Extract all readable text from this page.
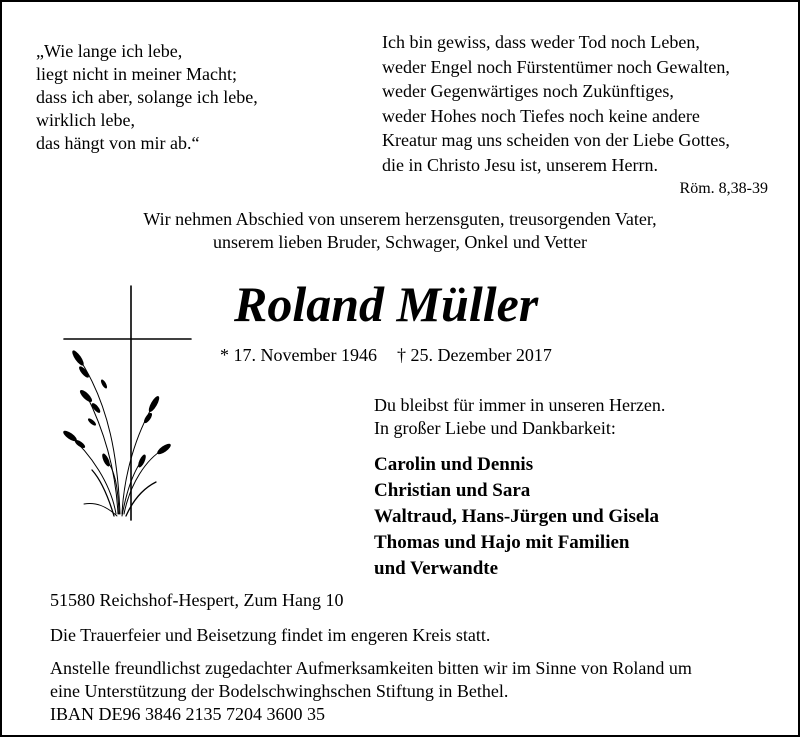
„Wie lange ich lebe,
liegt nicht in meiner Macht;
dass ich aber, solange ich lebe,
wirklich lebe,
das hängt von mir ab.“
Ich bin gewiss, dass weder Tod noch Leben,
weder Engel noch Fürstentümer noch Gewalten,
weder Gegenwärtiges noch Zukünftiges,
weder Hohes noch Tiefes noch keine andere
Kreatur mag uns scheiden von der Liebe Gottes,
die in Christo Jesu ist, unserem Herrn.
Röm. 8,38-39
Wir nehmen Abschied von unserem herzensguten, treusorgenden Vater,
unserem lieben Bruder, Schwager, Onkel und Vetter
Roland Müller
* 17. November 1946 † 25. Dezember 2017
Du bleibst für immer in unseren Herzen.
In großer Liebe und Dankbarkeit:
Carolin und Dennis
Christian und Sara
Waltraud, Hans-Jürgen und Gisela
Thomas und Hajo mit Familien
und Verwandte
51580 Reichshof-Hespert, Zum Hang 10
Die Trauerfeier und Beisetzung findet im engeren Kreis statt.
Anstelle freundlichst zugedachter Aufmerksamkeiten bitten wir im Sinne von Roland um
eine Unterstützung der Bodelschwinghschen Stiftung in Bethel.
IBAN DE96 3846 2135 7204 3600 35
